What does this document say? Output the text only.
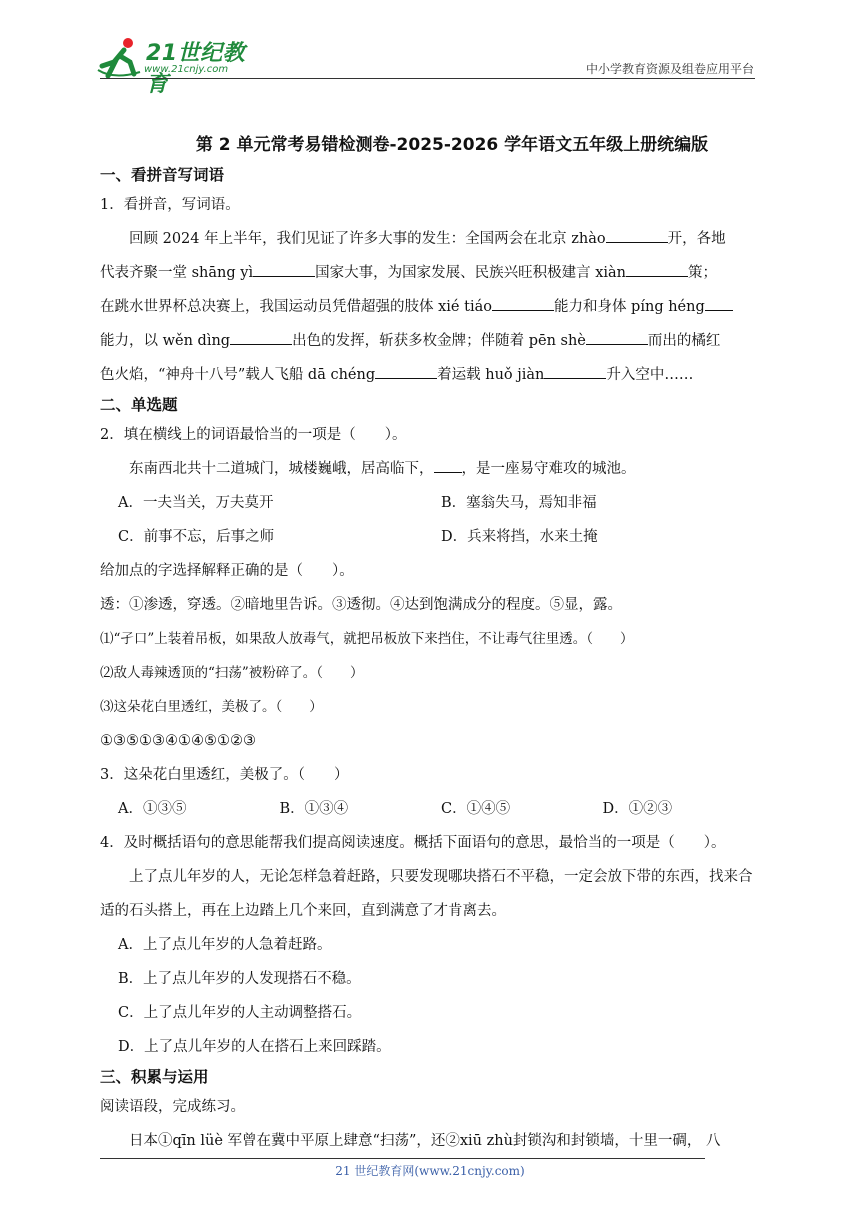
21世纪教育
www.21cnjy.com	中小学教育资源及组卷应用平台
第 2 单元常考易错检测卷-2025-2026 学年语文五年级上册统编版
一、看拼音写词语

1．看拼音，写词语。

回顾 2024 年上半年，我们见证了许多大事的发生：全国两会在北京 zhào	开，各地

代表齐聚一堂 shāng yì	国家大事，为国家发展、民族兴旺积极建言 xiàn	策；

在跳水世界杯总决赛上，我国运动员凭借超强的肢体 xié tiáo	能力和身体 píng héng

能力，以 wěn dìng	出色的发挥，斩获多枚金牌；伴随着 pēn shè	而出的橘红

色火焰，“神舟十八号”载人飞船 dā chéng	着运载 huǒ jiàn	升入空中……

二、单选题

2．填在横线上的词语最恰当的一项是（　　）。

东南西北共十二道城门，城楼巍峨，居高临下， ，是一座易守难攻的城池。

A．一夫当关，万夫莫开	B．塞翁失马，焉知非福
C．前事不忘，后事之师	D．兵来将挡，水来土掩

给加点的字选择解释正确的是（　　）。

透：①渗透，穿透。②暗地里告诉。③透彻。④达到饱满成分的程度。⑤显，露。

⑴“孑口”上装着吊板，如果敌人放毒气，就把吊板放下来挡住，不让毒气往里透。（　　）

⑵敌人毒辣透顶的“扫荡”被粉碎了。（　　）

⑶这朵花白里透红，美极了。（　　）

①③⑤①③④①④⑤①②③

3．这朵花白里透红，美极了。（　　）

A．①③⑤	B．①③④	C．①④⑤	D．①②③

4．及时概括语句的意思能帮我们提高阅读速度。概括下面语句的意思，最恰当的一项是（　　）。

上了点儿年岁的人，无论怎样急着赶路，只要发现哪块搭石不平稳，一定会放下带的东西，找来合适的石头搭上，再在上边踏上几个来回，直到满意了才肯离去。

A．上了点儿年岁的人急着赶路。

B．上了点儿年岁的人发现搭石不稳。

C．上了点儿年岁的人主动调整搭石。

D．上了点儿年岁的人在搭石上来回踩踏。

三、积累与运用

阅读语段，完成练习。

日本①qīn lüè 军曾在冀中平原上肆意“扫荡”，还②xiū zhù封锁沟和封锁墙，十里一碉， 八

21 世纪教育网(www.21cnjy.com)
